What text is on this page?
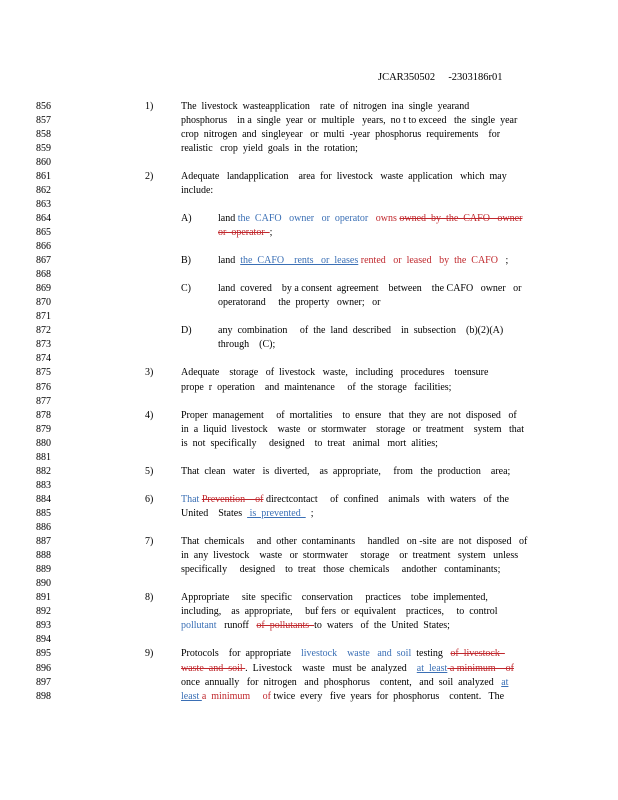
JCAR350502 -2303186r01
856
857
858
859
860
861
862
863
864
865
866
867
868
869
870
871
872
873
874
875
876
877
878
879
880
881
882
883
884
885
886
887
888
889
890
891
892
893
894
895
896
897
898
1)	The  livestock  wasteapplication    rate  of  nitrogen  ina  single  yearand
phosphorus    in a  single  year  or  multiple   years,  no t to exceed   the  single  year
crop  nitrogen  and  singleyear   or  multi  -year  phosphorus  requirements    for
realistic   crop  yield  goals  in  the  rotation;
2)	Adequate   landapplication    area  for  livestock   waste  application   which  may
include:
A)	land the  CAFO   owner   or  operator   owns owned  by  the  CAFO   owner
or  operator  ;
B)	land  the  CAFO    rents   or  leases rented   or  leased   by  the  CAFO   ;
C)	land  covered    by a consent  agreement    between    the CAFO   owner   or
operatorand     the  property   owner;   or
D)	any  combination     of  the  land  described    in  subsection    (b)(2)(A)
through    (C);
3)	Adequate    storage   of  livestock   waste,   including   procedures    toensure
prope  r  operation    and  maintenance     of  the  storage   facilities;
4)	Proper  management     of  mortalities    to  ensure   that  they  are  not  disposed   of
in  a  liquid  livestock    waste   or  stormwater    storage   or  treatment    system   that
is  not  specifically     designed    to  treat   animal   mort  alities;
5)	That  clean   water   is  diverted,    as  appropriate,     from   the  production    area;
6)	That Prevention    of directcontact     of  confined    animals   with  waters   of  the
United    States   is  prevented    ;
7)	That  chemicals     and  other  contaminants     handled   on -site  are  not  disposed   of
in  any  livestock    waste   or  stormwater     storage    or  treatment   system   unless
specifically     designed    to  treat   those  chemicals     andother   contaminants;
8)	Appropriate     site  specific    conservation     practices    tobe  implemented,
including,    as  appropriate,     buf fers  or  equivalent    practices,     to  control
pollutant   runoff   of  pollutants  to  waters   of  the  United  States;
9)	Protocols    for  appropriate    livestock    waste   and  soil  testing   of  livestock
waste  and  soil .  Livestock    waste   must  be  analyzed    at  least a minimum    of
once  annually   for  nitrogen   and  phosphorus    content,   and  soil  analyzed   at
least a  minimum     of twice  every   five  years  for  phosphorus    content.   The
